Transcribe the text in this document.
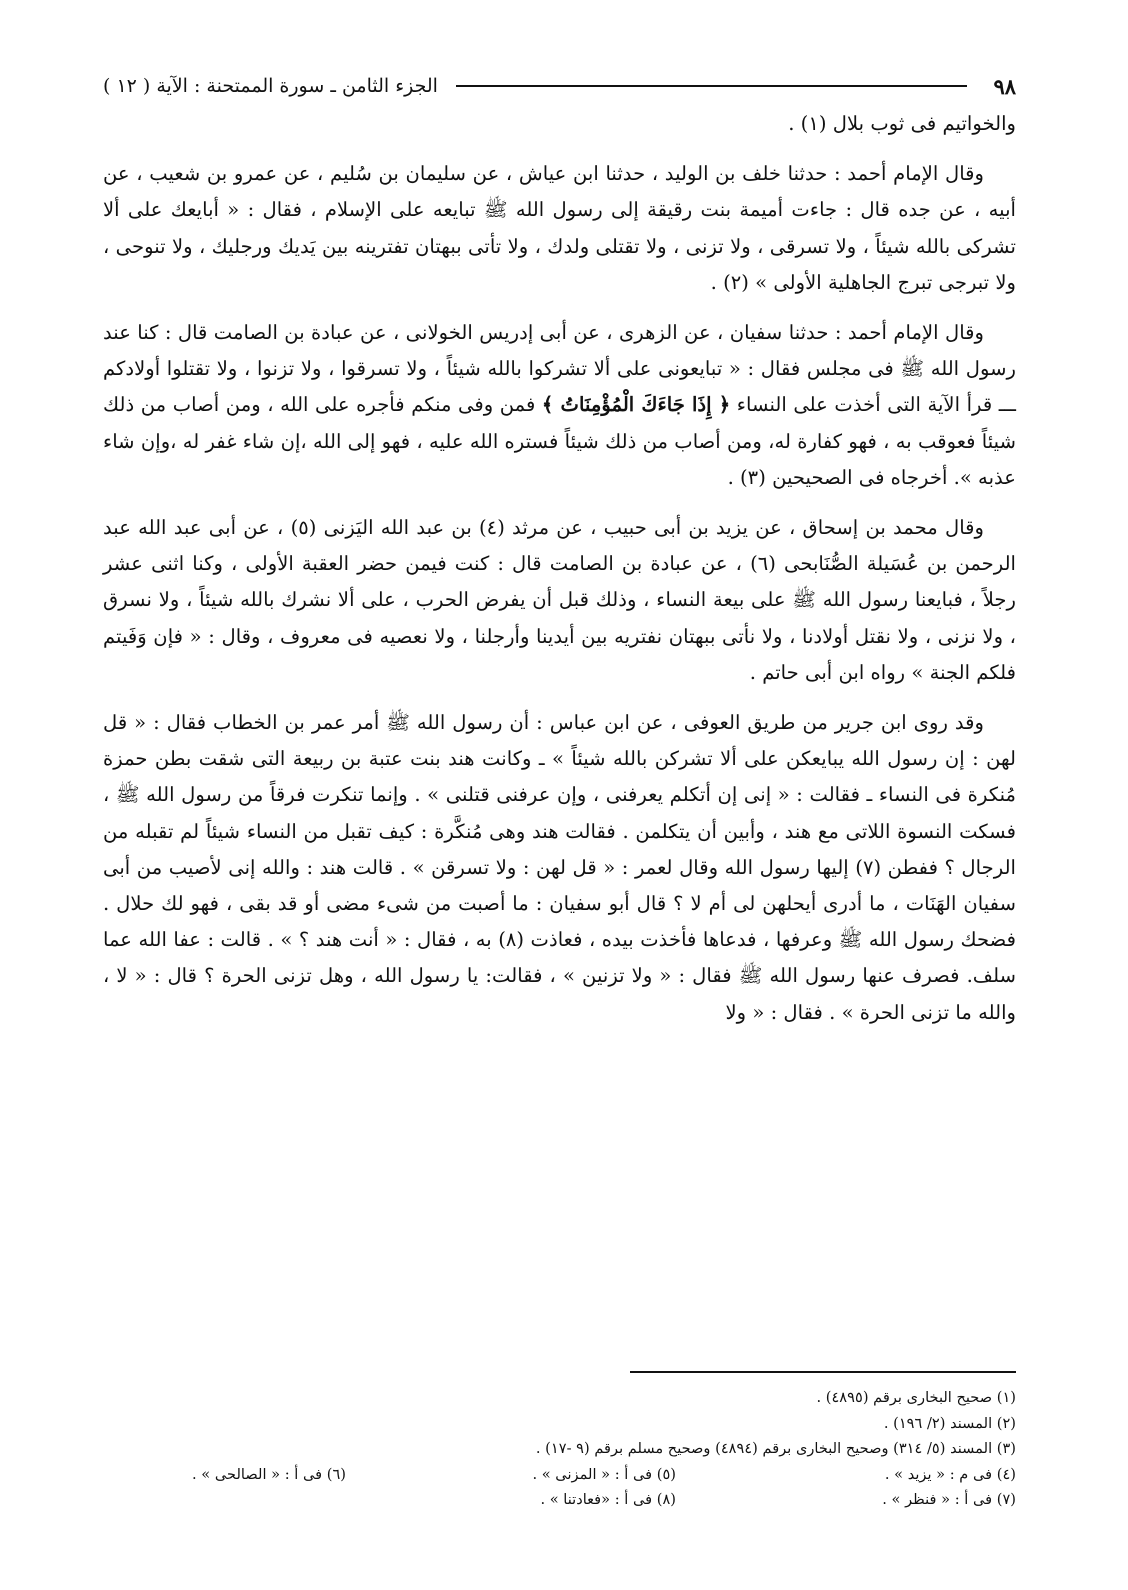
٩٨
الجزء الثامن ـ سورة الممتحنة : الآية ( ١٢ )

والخواتيم فى ثوب بلال (١) .

وقال الإمام أحمد : حدثنا خلف بن الوليد ، حدثنا ابن عياش ، عن سليمان بن سُليم ، عن عمرو بن شعيب ، عن أبيه ، عن جده قال : جاءت أميمة بنت رقيقة إلى رسول الله ﷺ تبايعه على الإسلام ، فقال : « أبايعك على ألا تشركى بالله شيئاً ، ولا تسرقى ، ولا تزنى ، ولا تقتلى ولدك ، ولا تأتى ببهتان تفترينه بين يَديك ورجليك ، ولا تنوحى ، ولا تبرجى تبرج الجاهلية الأولى » (٢) .

وقال الإمام أحمد : حدثنا سفيان ، عن الزهرى ، عن أبى إدريس الخولانى ، عن عبادة بن الصامت قال : كنا عند رسول الله ﷺ فى مجلس فقال : « تبايعونى على ألا تشركوا بالله شيئاً ، ولا تسرقوا ، ولا تزنوا ، ولا تقتلوا أولادكم ـــ قرأ الآية التى أخذت على النساء ﴿ إِذَا جَاءَكَ الْمُؤْمِنَاتُ ﴾ فمن وفى منكم فأجره على الله ، ومن أصاب من ذلك شيئاً فعوقب به ، فهو كفارة له، ومن أصاب من ذلك شيئاً فستره الله عليه ، فهو إلى الله ،إن شاء غفر له ،وإن شاء عذبه ». أخرجاه فى الصحيحين (٣) .

وقال محمد بن إسحاق ، عن يزيد بن أبى حبيب ، عن مرثد (٤) بن عبد الله اليَزنى (٥) ، عن أبى عبد الله عبد الرحمن بن عُسَيلة الصُّنَابحى (٦) ، عن عبادة بن الصامت قال : كنت فيمن حضر العقبة الأولى ، وكنا اثنى عشر رجلاً ، فبايعنا رسول الله ﷺ على بيعة النساء ، وذلك قبل أن يفرض الحرب ، على ألا نشرك بالله شيئاً ، ولا نسرق ، ولا نزنى ، ولا نقتل أولادنا ، ولا نأتى ببهتان نفتريه بين أيدينا وأرجلنا ، ولا نعصيه فى معروف ، وقال : « فإن وَفَيتم فلكم الجنة » رواه ابن أبى حاتم .

وقد روى ابن جرير من طريق العوفى ، عن ابن عباس : أن رسول الله ﷺ أمر عمر بن الخطاب فقال : « قل لهن : إن رسول الله يبايعكن على ألا تشركن بالله شيئاً » ـ وكانت هند بنت عتبة بن ربيعة التى شقت بطن حمزة مُنكرة فى النساء ـ فقالت : « إنى إن أتكلم يعرفنى ، وإن عرفنى قتلنى » . وإنما تنكرت فرقاً من رسول الله ﷺ ، فسكت النسوة اللاتى مع هند ، وأبين أن يتكلمن . فقالت هند وهى مُنكَّرة : كيف تقبل من النساء شيئاً لم تقبله من الرجال ؟ ففطن (٧) إليها رسول الله وقال لعمر : « قل لهن : ولا تسرقن » . قالت هند : والله إنى لأصيب من أبى سفيان الهَنَات ، ما أدرى أيحلهن لى أم لا ؟ قال أبو سفيان : ما أصبت من شىء مضى أو قد بقى ، فهو لك حلال . فضحك رسول الله ﷺ وعرفها ، فدعاها فأخذت بيده ، فعاذت (٨) به ، فقال : « أنت هند ؟ » . قالت : عفا الله عما سلف. فصرف عنها رسول الله ﷺ فقال : « ولا تزنين » ، فقالت: يا رسول الله ، وهل تزنى الحرة ؟ قال : « لا ، والله ما تزنى الحرة » . فقال : « ولا

(١) صحيح البخارى برقم (٤٨٩٥) .
(٢) المسند (٢/ ١٩٦) .
(٣) المسند (٥/ ٣١٤) وصحيح البخارى برقم (٤٨٩٤) وصحيح مسلم برقم (٩ -١٧) .
(٤) فى م : « يزيد » .
(٥) فى أ : « المزنى » .
(٦) فى أ : « الصالحى » .
(٧) فى أ : « فنظر » .
(٨) فى أ : «فعادتنا » .
